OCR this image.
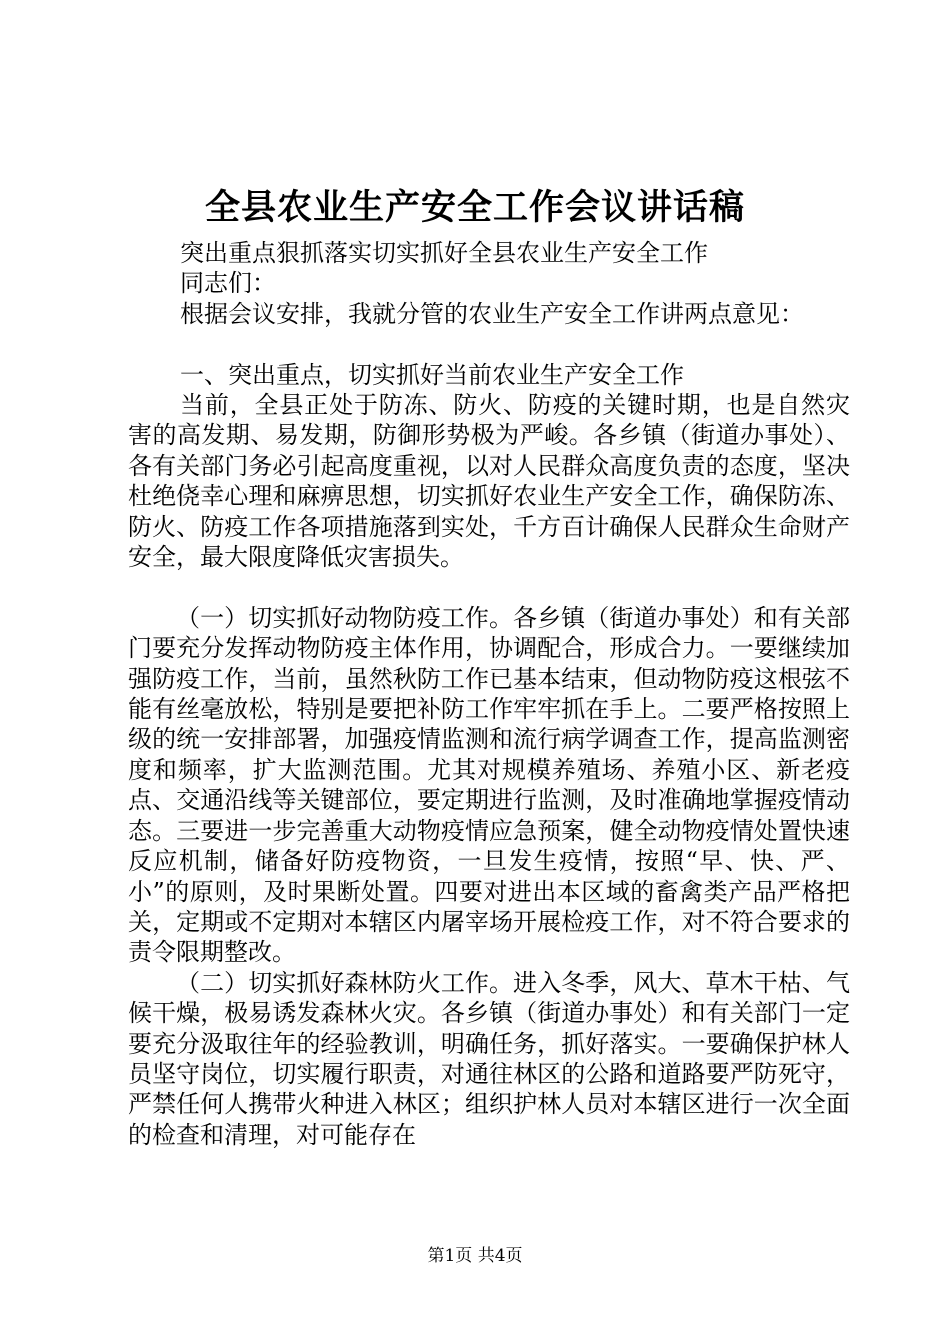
全县农业生产安全工作会议讲话稿

突出重点狠抓落实切实抓好全县农业生产安全工作

同志们：

根据会议安排，我就分管的农业生产安全工作讲两点意见：

一、突出重点，切实抓好当前农业生产安全工作

当前，全县正处于防冻、防火、防疫的关键时期，也是自然灾害的高发期、易发期，防御形势极为严峻。各乡镇（街道办事处）、各有关部门务必引起高度重视，以对人民群众高度负责的态度，坚决杜绝侥幸心理和麻痹思想，切实抓好农业生产安全工作，确保防冻、防火、防疫工作各项措施落到实处，千方百计确保人民群众生命财产安全，最大限度降低灾害损失。

（一）切实抓好动物防疫工作。各乡镇（街道办事处）和有关部门要充分发挥动物防疫主体作用，协调配合，形成合力。一要继续加强防疫工作，当前，虽然秋防工作已基本结束，但动物防疫这根弦不能有丝毫放松，特别是要把补防工作牢牢抓在手上。二要严格按照上级的统一安排部署，加强疫情监测和流行病学调查工作，提高监测密度和频率，扩大监测范围。尤其对规模养殖场、养殖小区、新老疫点、交通沿线等关键部位，要定期进行监测，及时准确地掌握疫情动态。三要进一步完善重大动物疫情应急预案，健全动物疫情处置快速反应机制，储备好防疫物资，一旦发生疫情，按照“早、快、严、小”的原则，及时果断处置。四要对进出本区域的畜禽类产品严格把关，定期或不定期对本辖区内屠宰场开展检疫工作，对不符合要求的责令限期整改。

（二）切实抓好森林防火工作。进入冬季，风大、草木干枯、气候干燥，极易诱发森林火灾。各乡镇（街道办事处）和有关部门一定要充分汲取往年的经验教训，明确任务，抓好落实。一要确保护林人员坚守岗位，切实履行职责，对通往林区的公路和道路要严防死守，严禁任何人携带火种进入林区；组织护林人员对本辖区进行一次全面的检查和清理，对可能存在

第1页 共4页
